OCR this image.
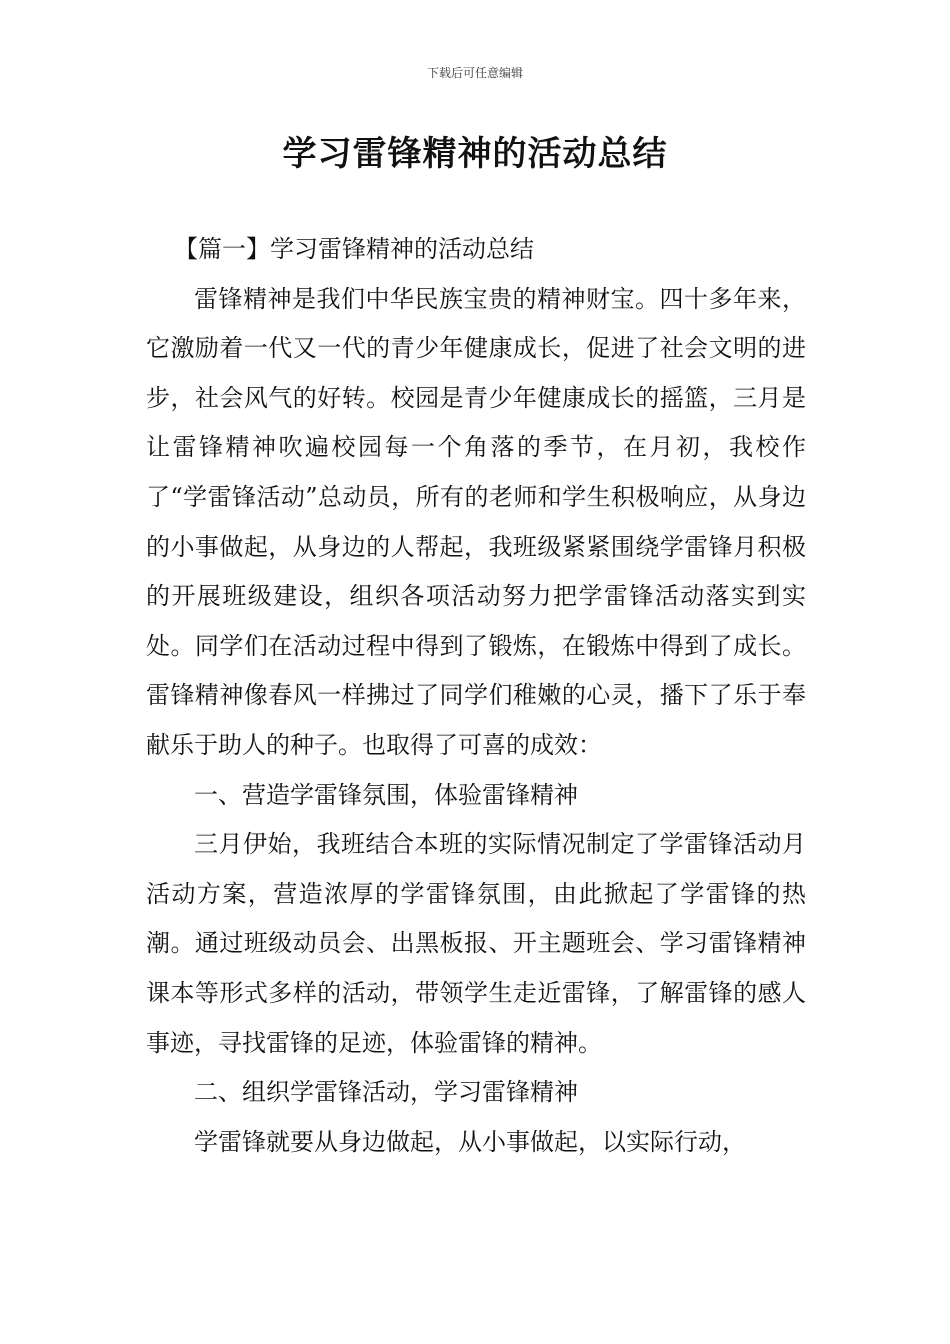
下载后可任意编辑
学习雷锋精神的活动总结

【篇一】学习雷锋精神的活动总结

雷锋精神是我们中华民族宝贵的精神财宝。四十多年来，它激励着一代又一代的青少年健康成长，促进了社会文明的进步，社会风气的好转。校园是青少年健康成长的摇篮，三月是让雷锋精神吹遍校园每一个角落的季节，在月初，我校作了“学雷锋活动”总动员，所有的老师和学生积极响应，从身边的小事做起，从身边的人帮起，我班级紧紧围绕学雷锋月积极的开展班级建设，组织各项活动努力把学雷锋活动落实到实处。同学们在活动过程中得到了锻炼，在锻炼中得到了成长。雷锋精神像春风一样拂过了同学们稚嫩的心灵，播下了乐于奉献乐于助人的种子。也取得了可喜的成效：

一、营造学雷锋氛围，体验雷锋精神

三月伊始，我班结合本班的实际情况制定了学雷锋活动月活动方案，营造浓厚的学雷锋氛围，由此掀起了学雷锋的热潮。通过班级动员会、出黑板报、开主题班会、学习雷锋精神课本等形式多样的活动，带领学生走近雷锋，了解雷锋的感人事迹，寻找雷锋的足迹，体验雷锋的精神。

二、组织学雷锋活动，学习雷锋精神

学雷锋就要从身边做起，从小事做起，以实际行动，
